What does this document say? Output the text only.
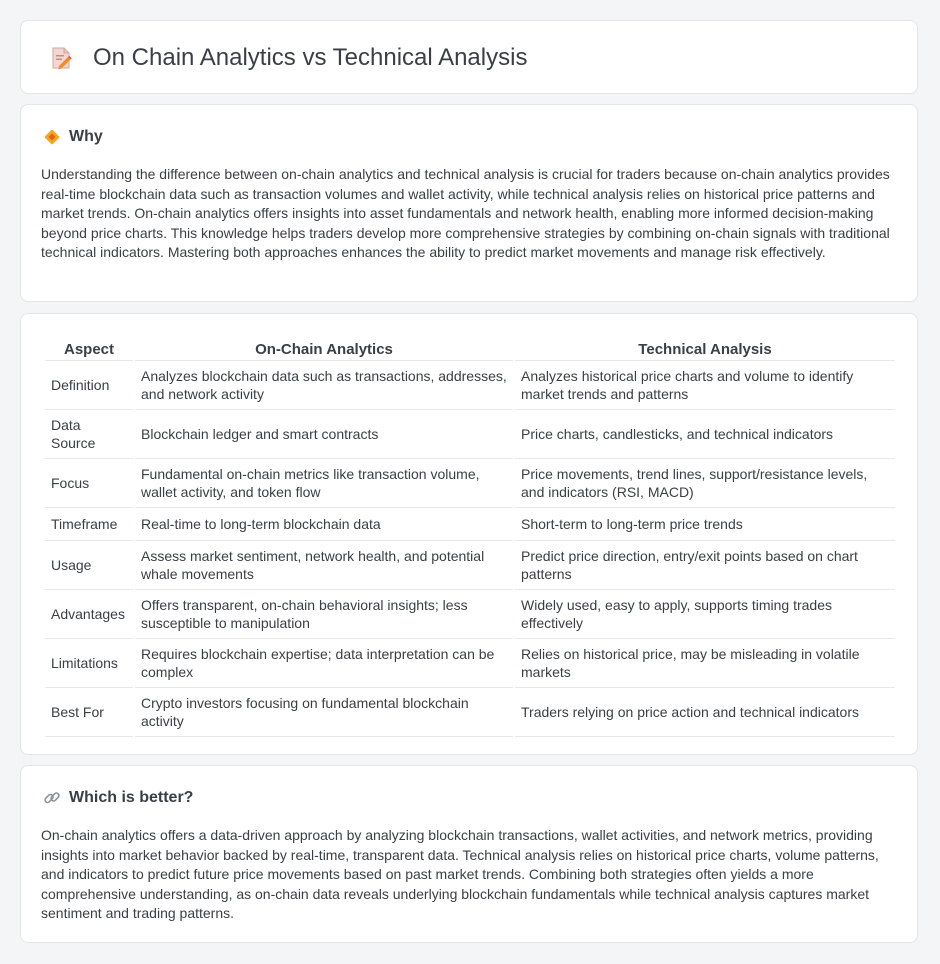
On Chain Analytics vs Technical Analysis
Why

Understanding the difference between on-chain analytics and technical analysis is crucial for traders because on-chain analytics provides real-time blockchain data such as transaction volumes and wallet activity, while technical analysis relies on historical price patterns and market trends. On-chain analytics offers insights into asset fundamentals and network health, enabling more informed decision-making beyond price charts. This knowledge helps traders develop more comprehensive strategies by combining on-chain signals with traditional technical indicators. Mastering both approaches enhances the ability to predict market movements and manage risk effectively.

Aspect	On-Chain Analytics	Technical Analysis
Definition	Analyzes blockchain data such as transactions, addresses, and network activity	Analyzes historical price charts and volume to identify market trends and patterns
Data Source	Blockchain ledger and smart contracts	Price charts, candlesticks, and technical indicators
Focus	Fundamental on-chain metrics like transaction volume, wallet activity, and token flow	Price movements, trend lines, support/resistance levels, and indicators (RSI, MACD)
Timeframe	Real-time to long-term blockchain data	Short-term to long-term price trends
Usage	Assess market sentiment, network health, and potential whale movements	Predict price direction, entry/exit points based on chart patterns
Advantages	Offers transparent, on-chain behavioral insights; less susceptible to manipulation	Widely used, easy to apply, supports timing trades effectively
Limitations	Requires blockchain expertise; data interpretation can be complex	Relies on historical price, may be misleading in volatile markets
Best For	Crypto investors focusing on fundamental blockchain activity	Traders relying on price action and technical indicators
Which is better?

On-chain analytics offers a data-driven approach by analyzing blockchain transactions, wallet activities, and network metrics, providing insights into market behavior backed by real-time, transparent data. Technical analysis relies on historical price charts, volume patterns, and indicators to predict future price movements based on past market trends. Combining both strategies often yields a more comprehensive understanding, as on-chain data reveals underlying blockchain fundamentals while technical analysis captures market sentiment and trading patterns.
